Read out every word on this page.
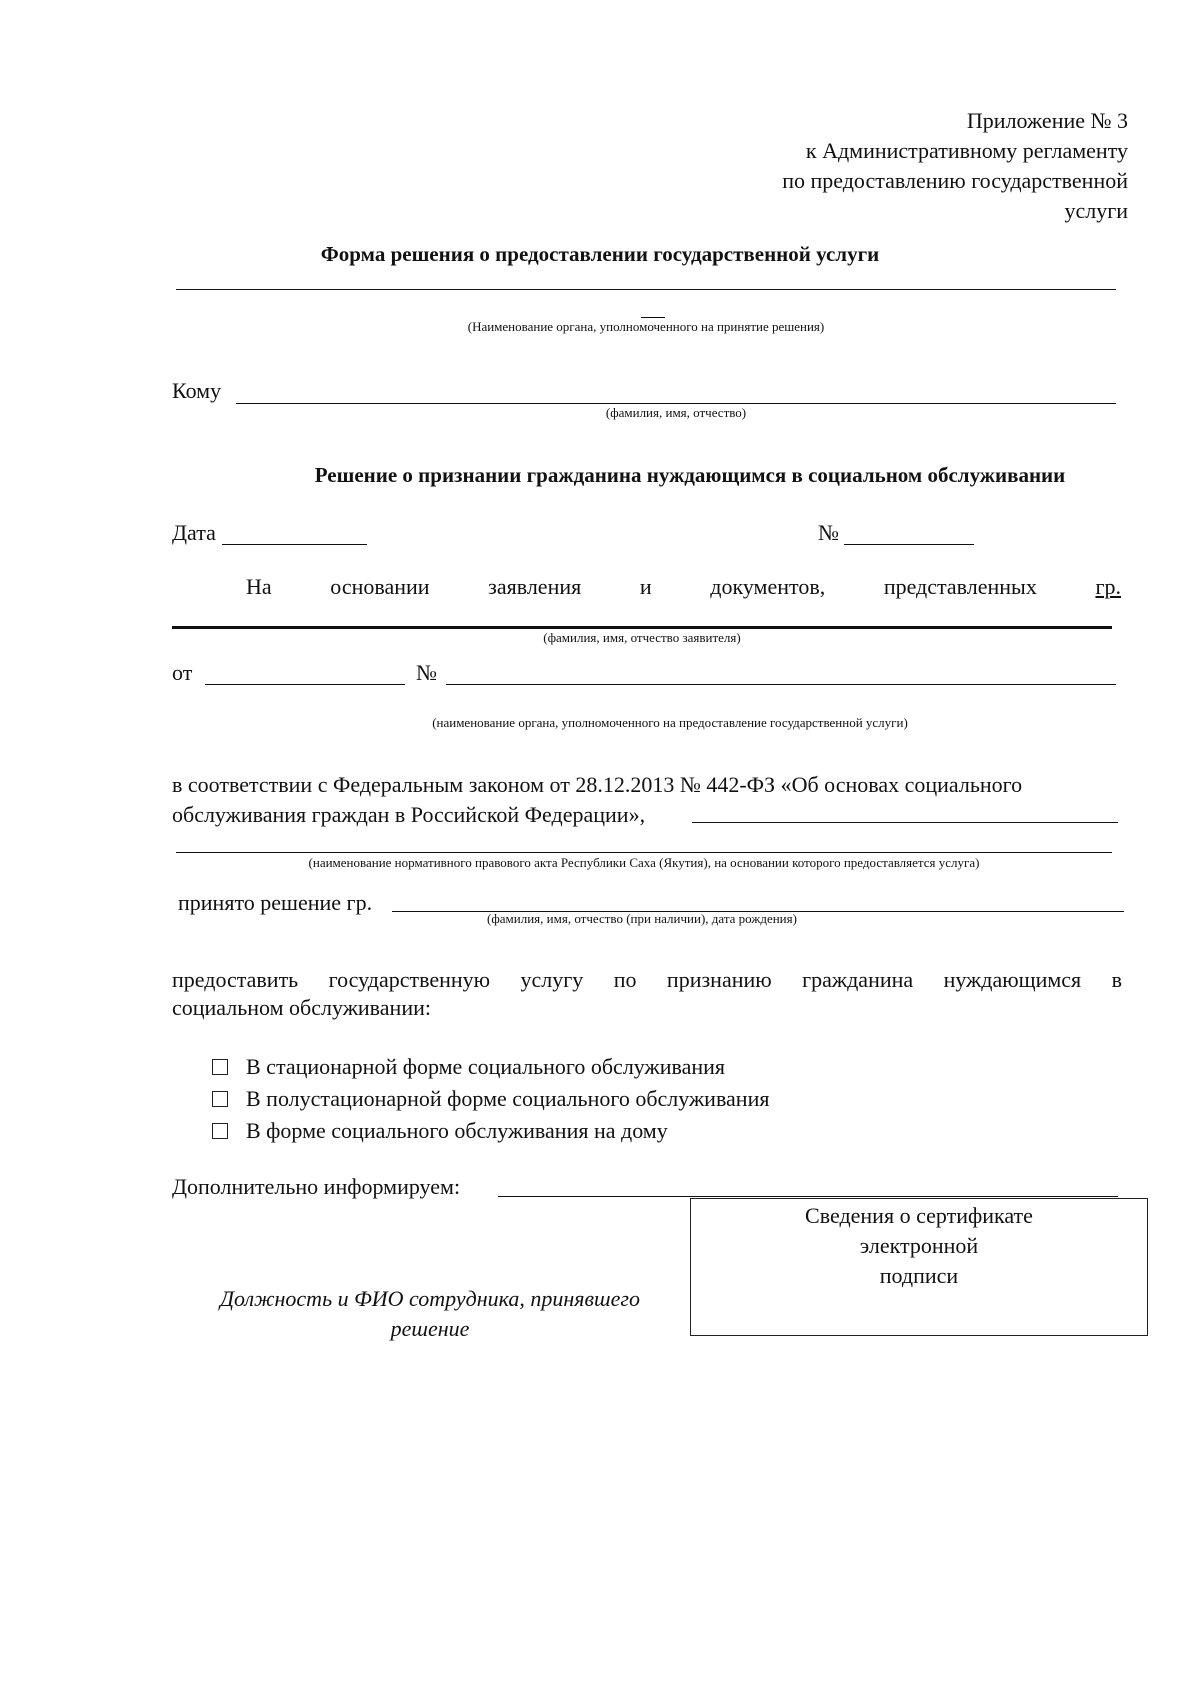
Приложение № 3
к Административному регламенту
по предоставлению государственной
услуги
Форма решения о предоставлении государственной услуги
(Наименование органа, уполномоченного на принятие решения)
Кому
(фамилия, имя, отчество)
Решение о признании гражданина нуждающимся в социальном обслуживании
Дата	№
На	основании	заявления	и	документов,	представленных	гр.
(фамилия, имя, отчество заявителя)
от	№
(наименование органа, уполномоченного на предоставление государственной услуги)
в соответствии с Федеральным законом от 28.12.2013 № 442-ФЗ «Об основах социального
обслуживания граждан в Российской Федерации»,
(наименование нормативного правового акта Республики Саха (Якутия), на основании которого предоставляется услуга)
принято решение гр.
(фамилия, имя, отчество (при наличии), дата рождения)
предоставить государственную услугу по признанию гражданина нуждающимся в
социальном обслуживании:
В стационарной форме социального обслуживания
В полустационарной форме социального обслуживания
В форме социального обслуживания на дому
Дополнительно информируем:
Должность и ФИО сотрудника, принявшего
решение
Сведения о сертификате
электронной
подписи
